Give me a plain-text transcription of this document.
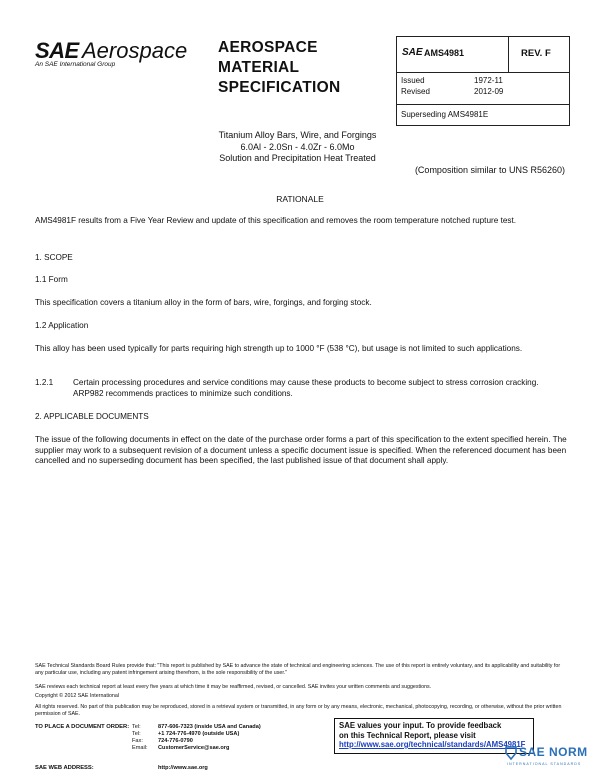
SAE Aerospace
An SAE International Group
AEROSPACE
MATERIAL
SPECIFICATION
SAE AMS4981	REV. F
Issued	1972-11
Revised	2012-09
Superseding AMS4981E
Titanium Alloy Bars, Wire, and Forgings
6.0Al - 2.0Sn - 4.0Zr - 6.0Mo
Solution and Precipitation Heat Treated
(Composition similar to UNS R56260)
RATIONALE
AMS4981F results from a Five Year Review and update of this specification and removes the room temperature notched rupture test.
1. SCOPE
1.1 Form
This specification covers a titanium alloy in the form of bars, wire, forgings, and forging stock.
1.2 Application
This alloy has been used typically for parts requiring high strength up to 1000 °F (538 °C), but usage is not limited to such applications.
1.2.1 Certain processing procedures and service conditions may cause these products to become subject to stress corrosion cracking. ARP982 recommends practices to minimize such conditions.
2. APPLICABLE DOCUMENTS
The issue of the following documents in effect on the date of the purchase order forms a part of this specification to the extent specified herein. The supplier may work to a subsequent revision of a document unless a specific document issue is specified. When the referenced document has been cancelled and no superseding document has been specified, the last published issue of that document shall apply.
SAE Technical Standards Board Rules provide that: "This report is published by SAE to advance the state of technical and engineering sciences. The use of this report is entirely voluntary, and its applicability and suitability for any particular use, including any patent infringement arising therefrom, is the sole responsibility of the user."
SAE reviews each technical report at least every five years at which time it may be reaffirmed, revised, or cancelled. SAE invites your written comments and suggestions.
Copyright © 2012 SAE International
All rights reserved. No part of this publication may be reproduced, stored in a retrieval system or transmitted, in any form or by any means, electronic, mechanical, photocopying, recording, or otherwise, without the prior written permission of SAE.
TO PLACE A DOCUMENT ORDER: Tel:	877-606-7323 (inside USA and Canada)
Tel:	+1 724-776-4970 (outside USA)
Fax:	724-776-0790
Email: CustomerService@sae.org
SAE WEB ADDRESS:	http://www.sae.org
SAE values your input. To provide feedback
on this Technical Report, please visit
http://www.sae.org/technical/standards/AMS4981F
SAE NORM
INTERNATIONAL STANDARDS
